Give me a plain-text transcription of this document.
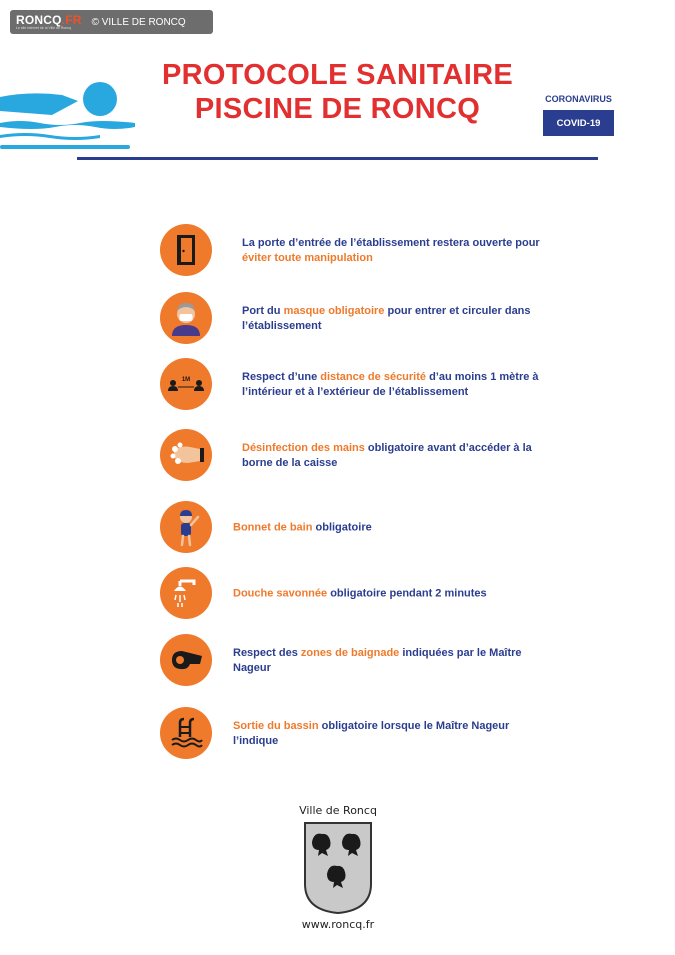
RONCQ.FR
Le site internet de la Ville de Roncq
© VILLE DE RONCQ
PROTOCOLE SANITAIRE
PISCINE DE RONCQ	CORONAVIRUS
COVID-19
La porte d’entrée de l’établissement restera ouverte pour éviter toute manipulation
Port du masque obligatoire pour entrer et circuler dans l’établissement
1M	Respect d’une distance de sécurité d’au moins 1 mètre à l’intérieur et à l’extérieur de l’établissement
Désinfection des mains obligatoire avant d’accéder à la borne de la caisse
Bonnet de bain obligatoire
Douche savonnée obligatoire pendant 2 minutes
Respect des zones de baignade indiquées par le Maître Nageur
Sortie du bassin obligatoire lorsque le Maître Nageur l’indique
Ville de Roncq
www.roncq.fr
